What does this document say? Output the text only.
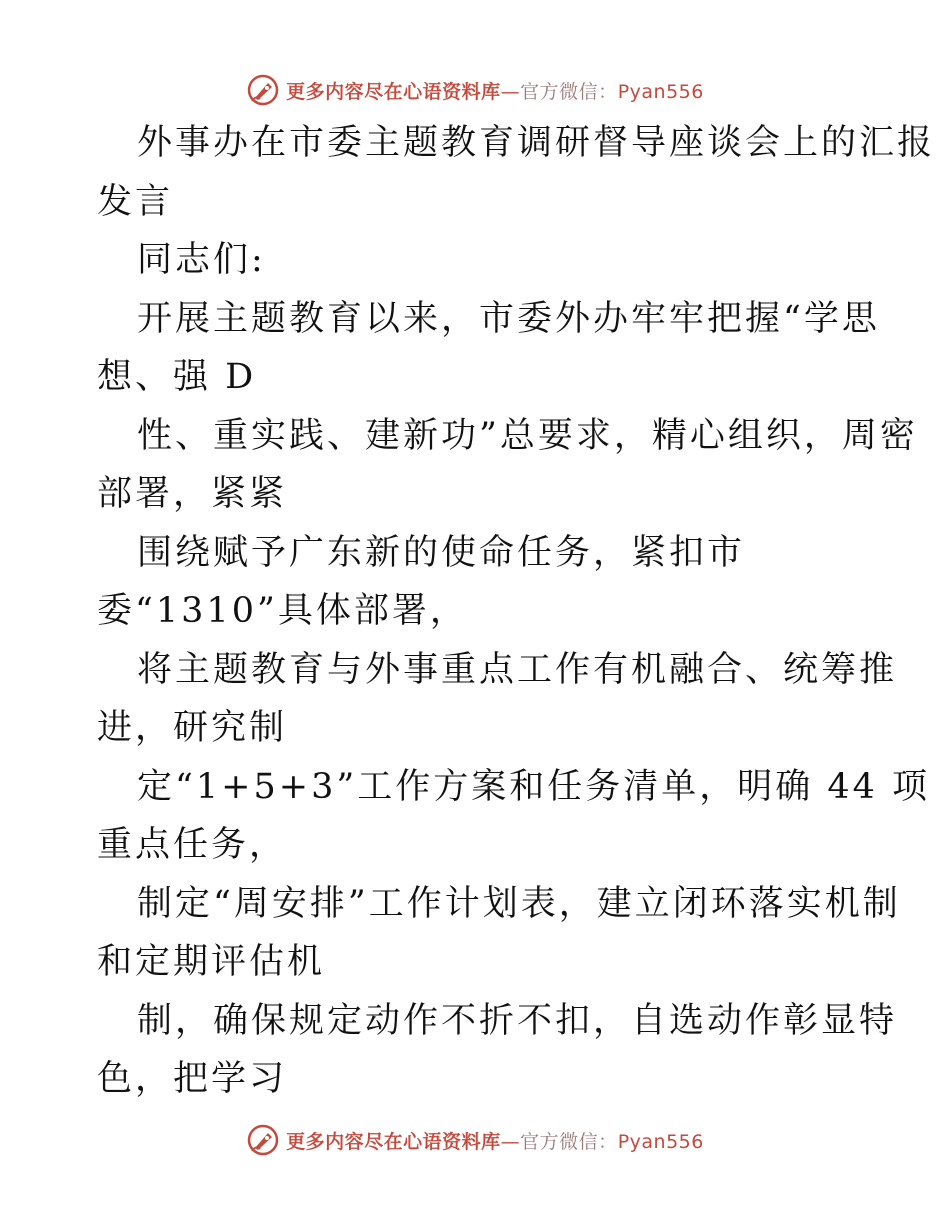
更多内容尽在心语资料库—官方微信：Pyan556
外事办在市委主题教育调研督导座谈会上的汇报
发言
同志们:
开展主题教育以来，市委外办牢牢把握“学思
想、强 D
性、重实践、建新功”总要求，精心组织，周密
部署，紧紧
围绕赋予广东新的使命任务，紧扣市
委“1310”具体部署，
将主题教育与外事重点工作有机融合、统筹推
进，研究制
定“1+5+3”工作方案和任务清单，明确 44 项
重点任务，
制定“周安排”工作计划表，建立闭环落实机制
和定期评估机
制，确保规定动作不折不扣，自选动作彰显特
色，把学习
更多内容尽在心语资料库—官方微信：Pyan556
